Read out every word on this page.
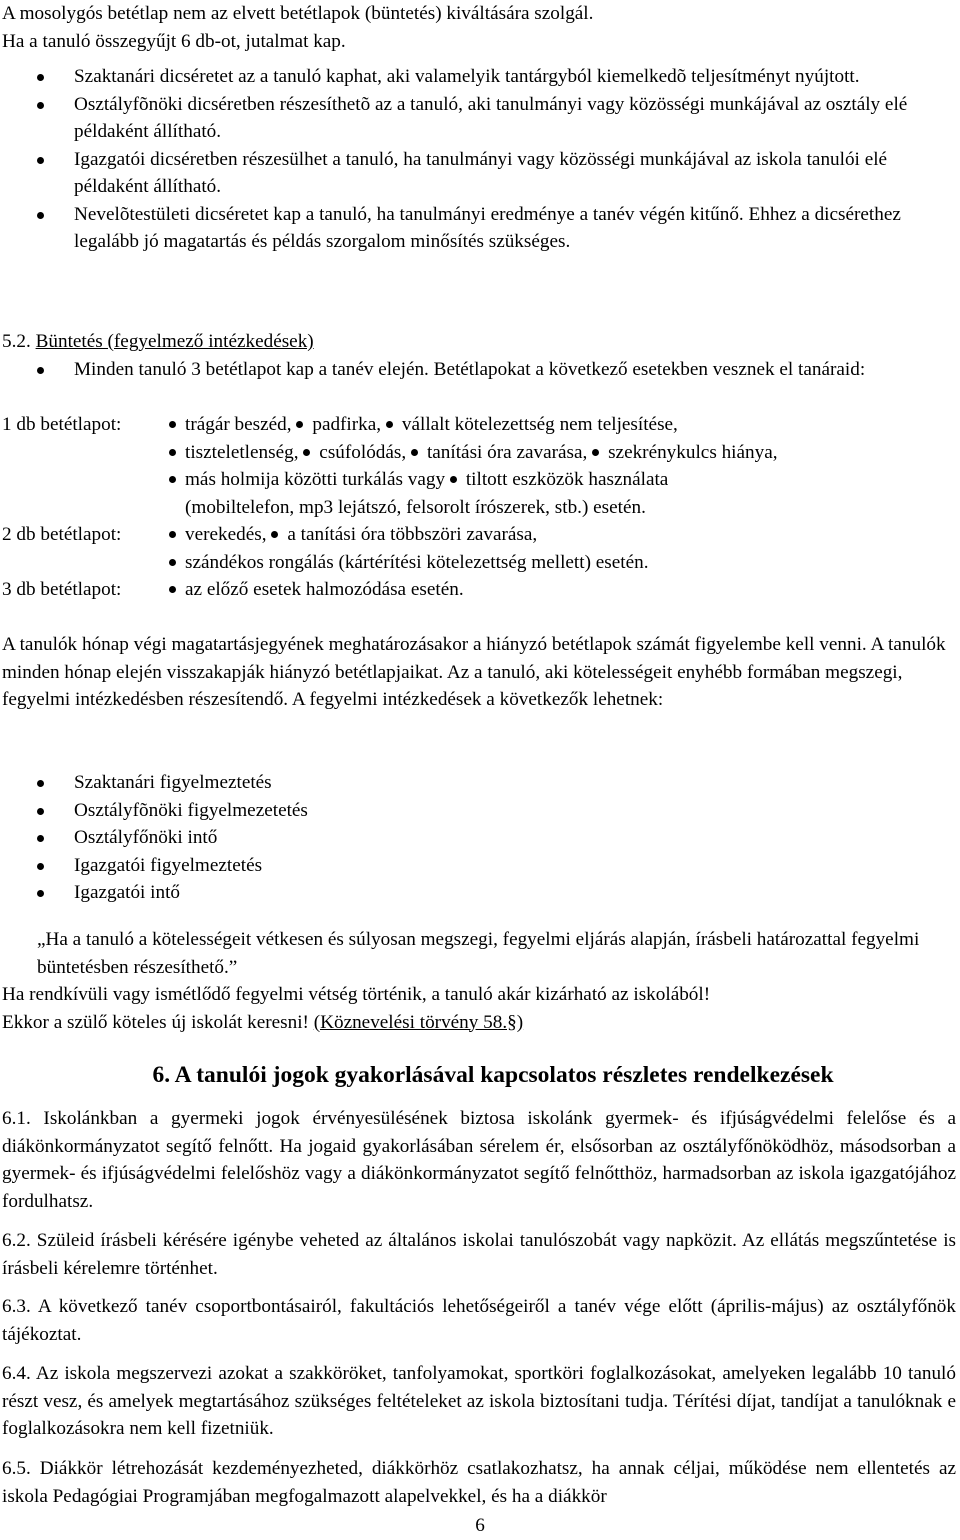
A mosolygós betétlap nem az elvett betétlapok (büntetés) kiváltására szolgál.

Ha a tanuló összegyűjt 6 db-ot, jutalmat kap.

Szaktanári dicséretet az a tanuló kaphat, aki valamelyik tantárgyból kiemelkedõ teljesítményt nyújtott.
Osztályfõnöki dicséretben részesíthetõ az a tanuló, aki tanulmányi vagy közösségi munkájával az osztály elé példaként állítható.
Igazgatói dicséretben részesülhet a tanuló, ha tanulmányi vagy közösségi munkájával az iskola tanulói elé példaként állítható.
Nevelõtestületi dicséretet kap a tanuló, ha tanulmányi eredménye a tanév végén kitűnő. Ehhez a dicsérethez legalább jó magatartás és példás szorgalom minősítés szükséges.

5.2. Büntetés (fegyelmező intézkedések)

Minden tanuló 3 betétlapot kap a tanév elején. Betétlapokat a következő esetekben vesznek el tanáraid:
1 db betétlapot:	trágár beszéd, padfirka, vállalt kötelezettség nem teljesítése,
tiszteletlenség, csúfolódás, tanítási óra zavarása, szekrénykulcs hiánya,
más holmija közötti turkálás vagy tiltott eszközök használata
(mobiltelefon, mp3 lejátszó, felsorolt írószerek, stb.) esetén.
2 db betétlapot:	verekedés, a tanítási óra többszöri zavarása,
szándékos rongálás (kártérítési kötelezettség mellett) esetén.
3 db betétlapot:	az előző esetek halmozódása esetén.

A tanulók hónap végi magatartásjegyének meghatározásakor a hiányzó betétlapok számát figyelembe kell venni. A tanulók minden hónap elején visszakapják hiányzó betétlapjaikat. Az a tanuló, aki kötelességeit enyhébb formában megszegi, fegyelmi intézkedésben részesítendő. A fegyelmi intézkedések a következők lehetnek:

Szaktanári figyelmeztetés
Osztályfõnöki figyelmezetetés
Osztályfőnöki intő
Igazgatói figyelmeztetés
Igazgatói intő

„Ha a tanuló a kötelességeit vétkesen és súlyosan megszegi, fegyelmi eljárás alapján, írásbeli határozattal fegyelmi büntetésben részesíthető.”

Ha rendkívüli vagy ismétlődő fegyelmi vétség történik, a tanuló akár kizárható az iskolából!

Ekkor a szülő köteles új iskolát keresni! (Köznevelési törvény 58.§)

6. A tanulói jogok gyakorlásával kapcsolatos részletes rendelkezések

6.1. Iskolánkban a gyermeki jogok érvényesülésének biztosa iskolánk gyermek- és ifjúságvédelmi felelőse és a diákönkormányzatot segítő felnőtt. Ha jogaid gyakorlásában sérelem ér, elsősorban az osztályfőnöködhöz, másodsorban a gyermek- és ifjúságvédelmi felelőshöz vagy a diákönkormányzatot segítő felnőtthöz, harmadsorban az iskola igazgatójához fordulhatsz.

6.2. Szüleid írásbeli kérésére igénybe veheted az általános iskolai tanulószobát vagy napközit. Az ellátás megszűntetése is írásbeli kérelemre történhet.

6.3. A következő tanév csoportbontásairól, fakultációs lehetőségeiről a tanév vége előtt (április-május) az osztályfőnök tájékoztat.

6.4. Az iskola megszervezi azokat a szakköröket, tanfolyamokat, sportköri foglalkozásokat, amelyeken legalább 10 tanuló részt vesz, és amelyek megtartásához szükséges feltételeket az iskola biztosítani tudja. Térítési díjat, tandíjat a tanulóknak e foglalkozásokra nem kell fizetniük.

6.5. Diákkör létrehozását kezdeményezheted, diákkörhöz csatlakozhatsz, ha annak céljai, működése nem ellentetés az iskola Pedagógiai Programjában megfogalmazott alapelvekkel, és ha a diákkör

6
